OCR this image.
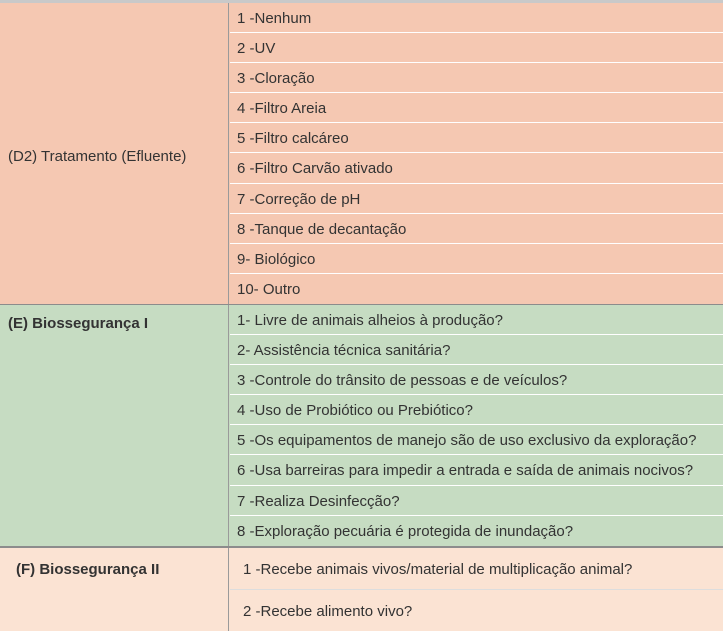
(D2) Tratamento (Efluente)
1 -Nenhum
2 -UV
3 -Cloração
4 -Filtro Areia
5 -Filtro calcáreo
6 -Filtro Carvão ativado
7 -Correção de pH
8 -Tanque de decantação
9- Biológico
10- Outro
(E) Biossegurança I	1- Livre de animais alheios à produção?
2- Assistência técnica sanitária?
3 -Controle do trânsito de pessoas e de veículos?
4 -Uso de Probiótico ou Prebiótico?
5 -Os equipamentos de manejo são de uso exclusivo da exploração?
6 -Usa barreiras para impedir a entrada e saída de animais nocivos?
7 -Realiza Desinfecção?
8 -Exploração pecuária é protegida de inundação?
(F) Biossegurança II	1 -Recebe animais vivos/material de multiplicação animal?
2 -Recebe alimento vivo?
